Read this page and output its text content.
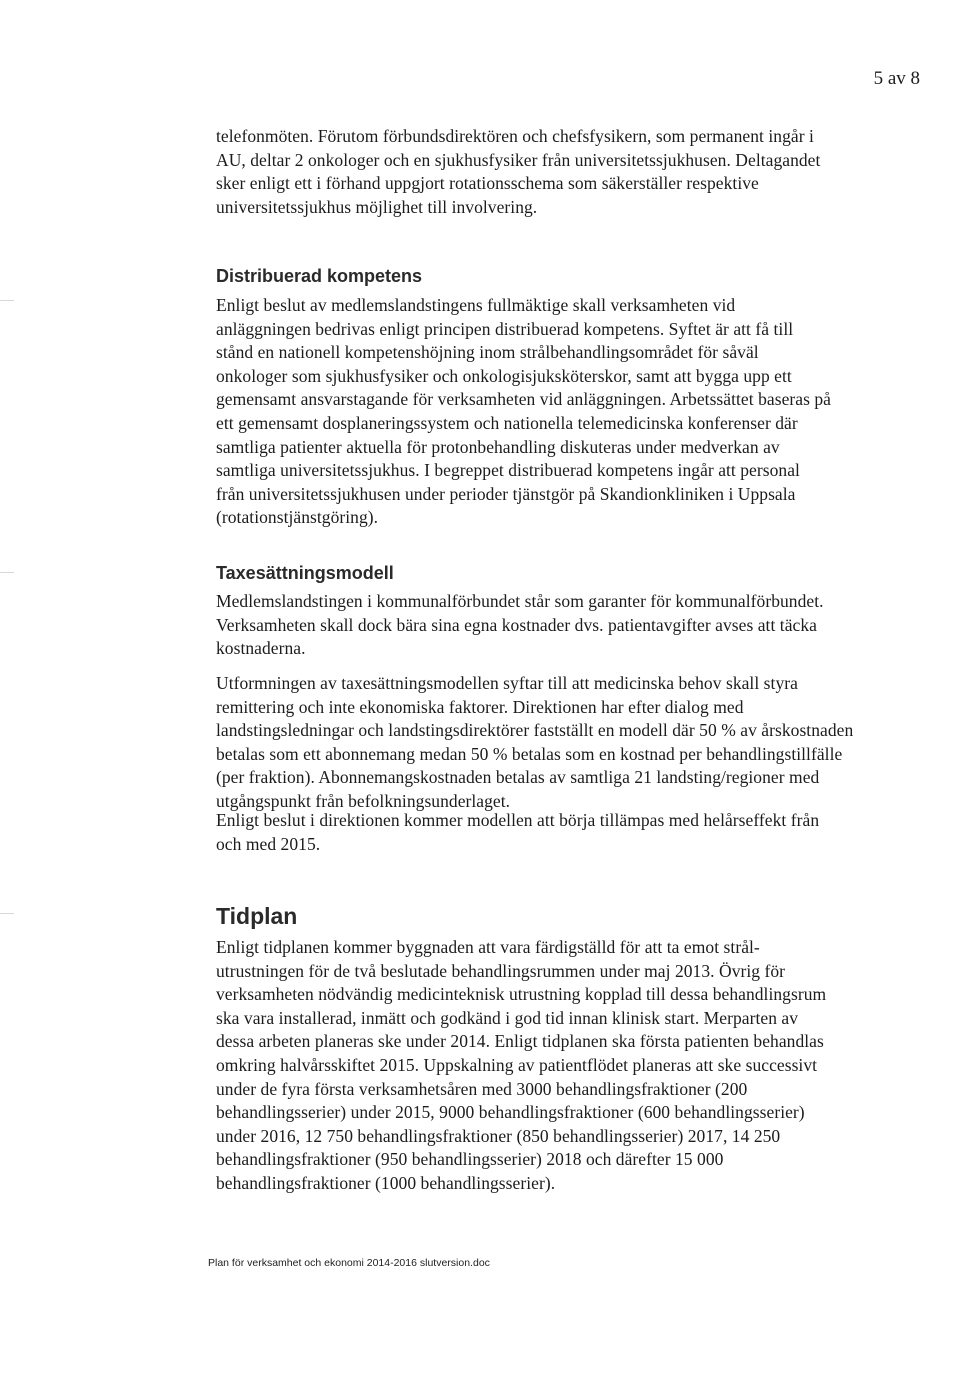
5 av 8

telefonmöten. Förutom förbundsdirektören och chefsfysikern, som permanent ingår i
AU, deltar 2 onkologer och en sjukhusfysiker från universitetssjukhusen. Deltagandet
sker enligt ett i förhand uppgjort rotationsschema som säkerställer respektive
universitetssjukhus möjlighet till involvering.

Distribuerad kompetens

Enligt beslut av medlemslandstingens fullmäktige skall verksamheten vid
anläggningen bedrivas enligt principen distribuerad kompetens. Syftet är att få till
stånd en nationell kompetenshöjning inom strålbehandlingsområdet för såväl
onkologer som sjukhusfysiker och onkologisjuksköterskor, samt att bygga upp ett
gemensamt ansvarstagande för verksamheten vid anläggningen. Arbetssättet baseras på
ett gemensamt dosplaneringssystem och nationella telemedicinska konferenser där
samtliga patienter aktuella för protonbehandling diskuteras under medverkan av
samtliga universitetssjukhus. I begreppet distribuerad kompetens ingår att personal
från universitetssjukhusen under perioder tjänstgör på Skandionkliniken i Uppsala
(rotationstjänstgöring).

Taxesättningsmodell

Medlemslandstingen i kommunalförbundet står som garanter för kommunalförbundet.
Verksamheten skall dock bära sina egna kostnader dvs. patientavgifter avses att täcka
kostnaderna.

Utformningen av taxesättningsmodellen syftar till att medicinska behov skall styra
remittering och inte ekonomiska faktorer. Direktionen har efter dialog med
landstingsledningar och landstingsdirektörer fastställt en modell där 50 % av årskostnaden
betalas som ett abonnemang medan 50 % betalas som en kostnad per behandlingstillfälle
(per fraktion). Abonnemangskostnaden betalas av samtliga 21 landsting/regioner med
utgångspunkt från befolkningsunderlaget.

Enligt beslut i direktionen kommer modellen att börja tillämpas med helårseffekt från
och med 2015.

Tidplan

Enligt tidplanen kommer byggnaden att vara färdigställd för att ta emot strål-
utrustningen för de två beslutade behandlingsrummen under maj 2013. Övrig för
verksamheten nödvändig medicinteknisk utrustning kopplad till dessa behandlingsrum
ska vara installerad, inmätt och godkänd i god tid innan klinisk start. Merparten av
dessa arbeten planeras ske under 2014. Enligt tidplanen ska första patienten behandlas
omkring halvårsskiftet 2015. Uppskalning av patientflödet planeras att ske successivt
under de fyra första verksamhetsåren med 3000 behandlingsfraktioner (200
behandlingsserier) under 2015, 9000 behandlingsfraktioner (600 behandlingsserier)
under 2016, 12 750 behandlingsfraktioner (850 behandlingsserier) 2017, 14 250
behandlingsfraktioner (950 behandlingsserier) 2018 och därefter 15 000
behandlingsfraktioner (1000 behandlingsserier).

Plan för verksamhet och ekonomi 2014-2016 slutversion.doc
